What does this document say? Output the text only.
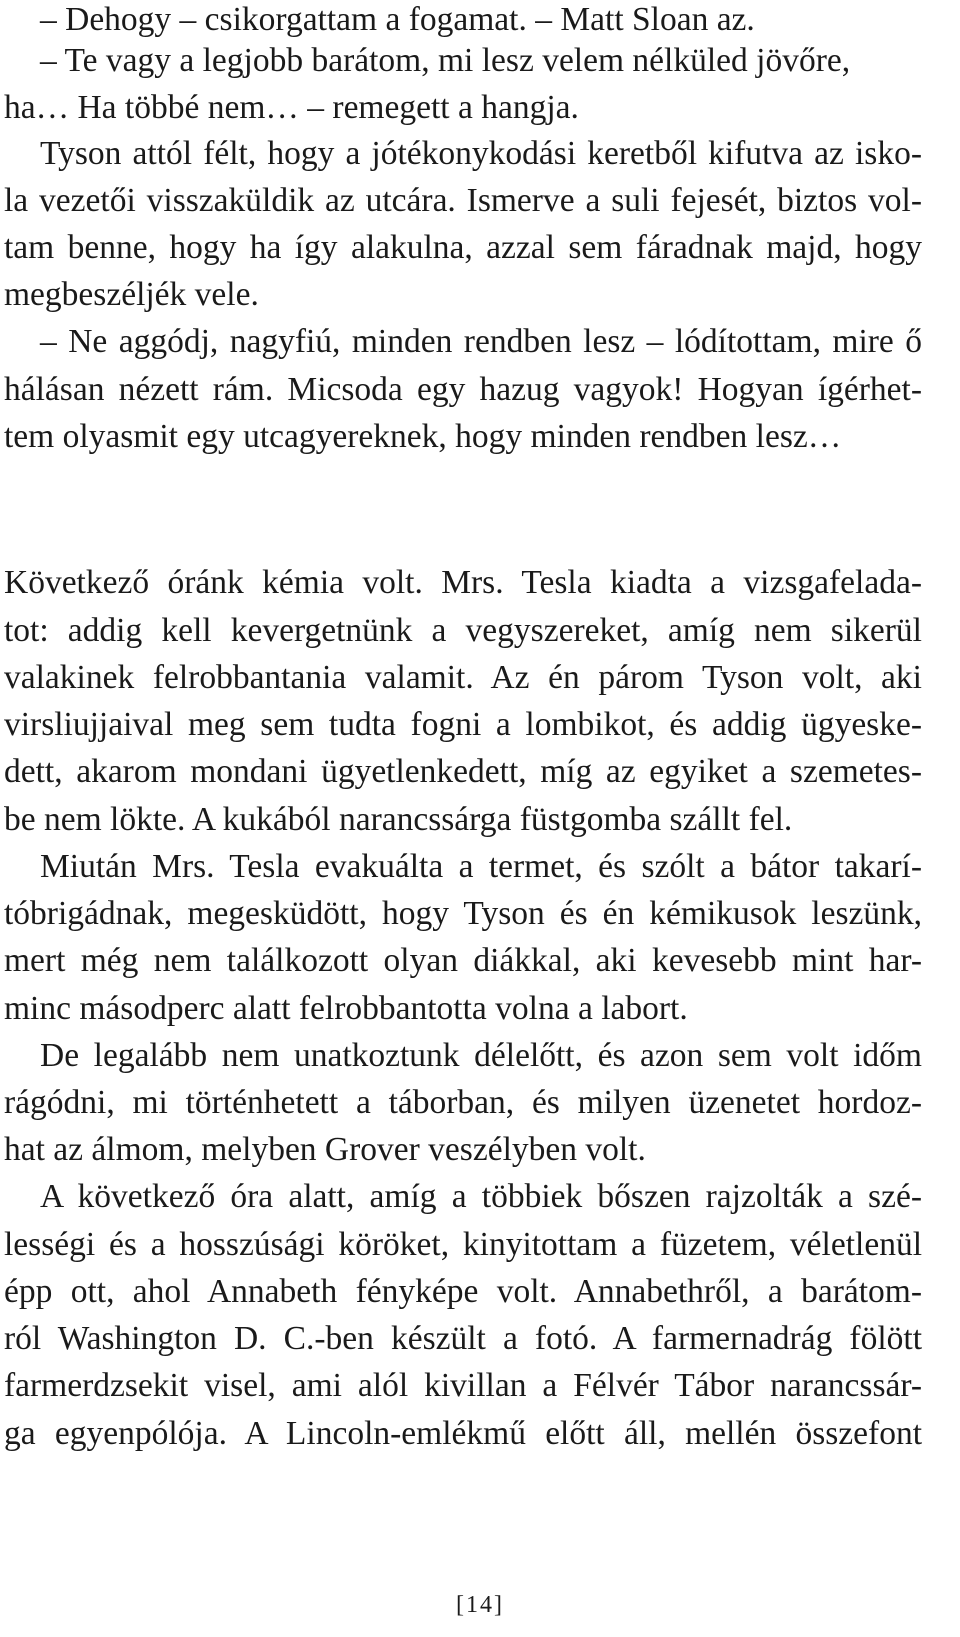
– Dehogy – csikorgattam a fogamat. – Matt Sloan az.
– Te vagy a legjobb barátom, mi lesz velem nélküled jövőre,
ha… Ha többé nem… – remegett a hangja.
Tyson attól félt, hogy a jótékonykodási keretből kifutva az isko-
la vezetői visszaküldik az utcára. Ismerve a suli fejesét, biztos vol-
tam benne, hogy ha így alakulna, azzal sem fáradnak majd, hogy
megbeszéljék vele.
– Ne aggódj, nagyfiú, minden rendben lesz – lódítottam, mire ő
hálásan nézett rám. Micsoda egy hazug vagyok! Hogyan ígérhet-
tem olyasmit egy utcagyereknek, hogy minden rendben lesz…
Következő óránk kémia volt. Mrs. Tesla kiadta a vizsgafelada-
tot: addig kell kevergetnünk a vegyszereket, amíg nem sikerül
valakinek felrobbantania valamit. Az én párom Tyson volt, aki
virsliujjaival meg sem tudta fogni a lombikot, és addig ügyeske-
dett, akarom mondani ügyetlenkedett, míg az egyiket a szemetes-
be nem lökte. A kukából narancssárga füstgomba szállt fel.
Miután Mrs. Tesla evakuálta a termet, és szólt a bátor takarí-
tóbrigádnak, megesküdött, hogy Tyson és én kémikusok leszünk,
mert még nem találkozott olyan diákkal, aki kevesebb mint har-
minc másodperc alatt felrobbantotta volna a labort.
De legalább nem unatkoztunk délelőtt, és azon sem volt időm
rágódni, mi történhetett a táborban, és milyen üzenetet hordoz-
hat az álmom, melyben Grover veszélyben volt.
A következő óra alatt, amíg a többiek bőszen rajzolták a szé-
lességi és a hosszúsági köröket, kinyitottam a füzetem, véletlenül
épp ott, ahol Annabeth fényképe volt. Annabethről, a barátom-
ról Washington D. C.-ben készült a fotó. A farmernadrág fölött
farmerdzsekit visel, ami alól kivillan a Félvér Tábor narancssár-
ga egyenpólója. A Lincoln-emlékmű előtt áll, mellén összefont
[14]
